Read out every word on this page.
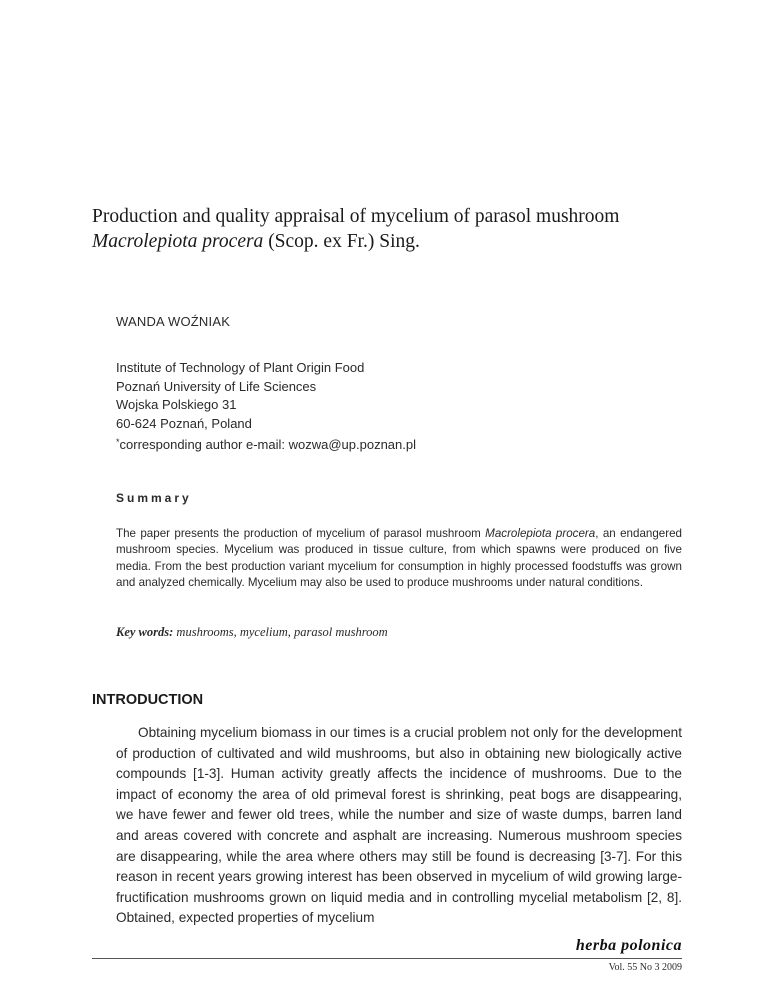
Production and quality appraisal of mycelium of parasol mushroom
Macrolepiota procera (Scop. ex Fr.) Sing.
WANDA WOŹNIAK
Institute of Technology of Plant Origin Food
Poznań University of Life Sciences
Wojska Polskiego 31
60-624 Poznań, Poland
*corresponding author e-mail: wozwa@up.poznan.pl
Summary
The paper presents the production of mycelium of parasol mushroom Macrolepiota procera, an endangered mushroom species. Mycelium was produced in tissue culture, from which spawns were produced on five media. From the best production variant mycelium for consumption in highly processed foodstuffs was grown and analyzed chemically. Mycelium may also be used to produce mushrooms under natural conditions.
Key words: mushrooms, mycelium, parasol mushroom
INTRODUCTION
Obtaining mycelium biomass in our times is a crucial problem not only for the development of production of cultivated and wild mushrooms, but also in obtaining new biologically active compounds [1-3]. Human activity greatly affects the incidence of mushrooms. Due to the impact of economy the area of old primeval forest is shrinking, peat bogs are disappearing, we have fewer and fewer old trees, while the number and size of waste dumps, barren land and areas covered with concrete and asphalt are increasing. Numerous mushroom species are disappearing, while the area where others may still be found is decreasing [3-7]. For this reason in recent years growing interest has been observed in mycelium of wild growing large-fructification mushrooms grown on liquid media and in controlling mycelial metabolism [2, 8]. Obtained, expected properties of mycelium
herba polonica
Vol. 55 No 3 2009
